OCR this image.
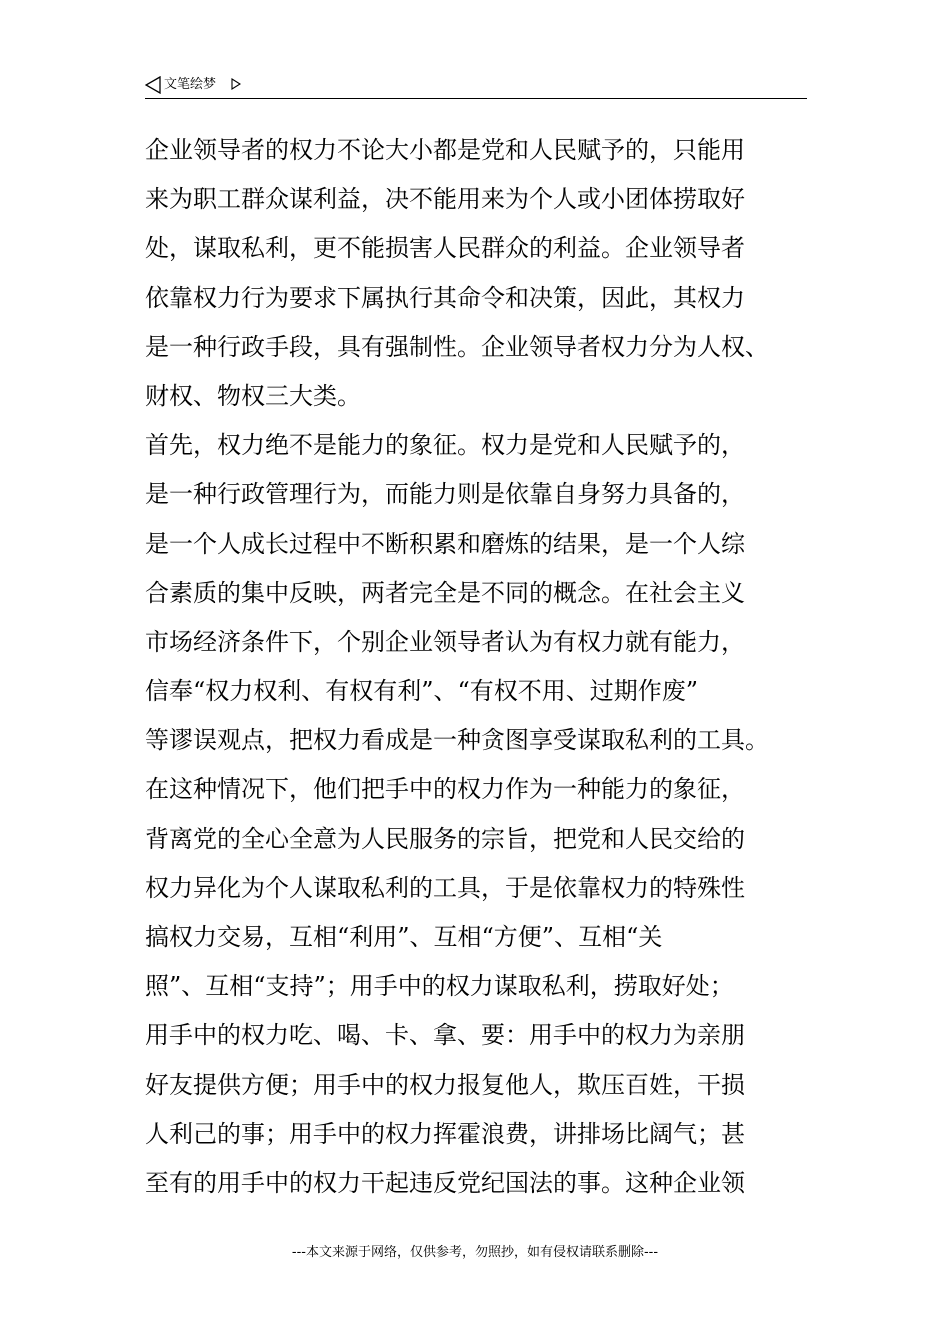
文笔绘梦
企业领导者的权力不论大小都是党和人民赋予的，只能用
来为职工群众谋利益，决不能用来为个人或小团体捞取好
处，谋取私利，更不能损害人民群众的利益。企业领导者
依靠权力行为要求下属执行其命令和决策，因此，其权力
是一种行政手段，具有强制性。企业领导者权力分为人权、
财权、物权三大类。
首先，权力绝不是能力的象征。权力是党和人民赋予的，
是一种行政管理行为，而能力则是依靠自身努力具备的，
是一个人成长过程中不断积累和磨炼的结果，是一个人综
合素质的集中反映，两者完全是不同的概念。在社会主义
市场经济条件下，个别企业领导者认为有权力就有能力，
信奉“权力权利、有权有利”、“有权不用、过期作废”
等谬误观点，把权力看成是一种贪图享受谋取私利的工具。
在这种情况下，他们把手中的权力作为一种能力的象征，
背离党的全心全意为人民服务的宗旨，把党和人民交给的
权力异化为个人谋取私利的工具，于是依靠权力的特殊性
搞权力交易，互相“利用”、互相“方便”、互相“关
照”、互相“支持”；用手中的权力谋取私利，捞取好处；
用手中的权力吃、喝、卡、拿、要：用手中的权力为亲朋
好友提供方便；用手中的权力报复他人，欺压百姓，干损
人利己的事；用手中的权力挥霍浪费，讲排场比阔气；甚
至有的用手中的权力干起违反党纪国法的事。这种企业领
---本文来源于网络，仅供参考，勿照抄，如有侵权请联系删除---
